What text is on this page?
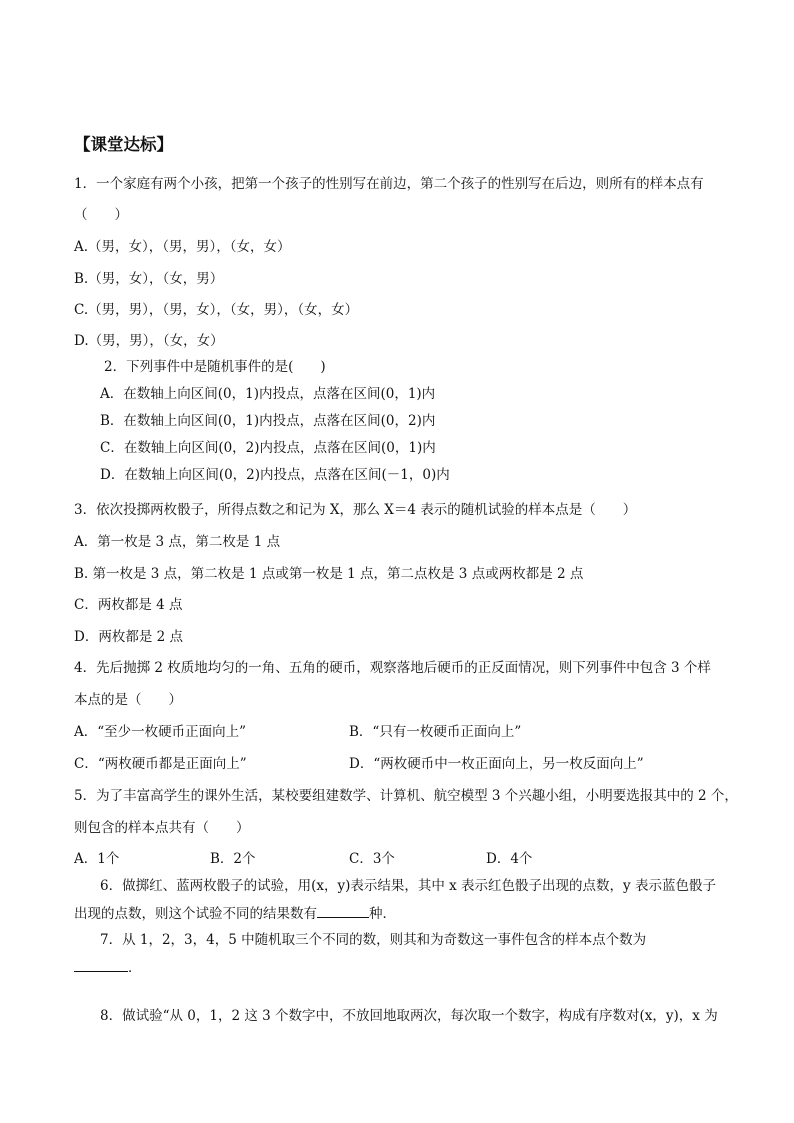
【课堂达标】
1．一个家庭有两个小孩，把第一个孩子的性别写在前边，第二个孩子的性别写在后边，则所有的样本点有
（　　）
A.（男，女），（男，男），（女，女）
B.（男，女），（女，男）
C.（男，男），（男，女），（女，男），（女，女）
D.（男，男），（女，女）
2．下列事件中是随机事件的是(　　)
A．在数轴上向区间(0，1)内投点，点落在区间(0，1)内
B．在数轴上向区间(0，1)内投点，点落在区间(0，2)内
C．在数轴上向区间(0，2)内投点，点落在区间(0，1)内
D．在数轴上向区间(0，2)内投点，点落在区间(－1，0)内
3．依次投掷两枚骰子，所得点数之和记为 X，那么 X＝4 表示的随机试验的样本点是（　　）
A．第一枚是 3 点，第二枚是 1 点
B. 第一枚是 3 点，第二枚是 1 点或第一枚是 1 点，第二点枚是 3 点或两枚都是 2 点
C．两枚都是 4 点
D．两枚都是 2 点
4．先后抛掷 2 枚质地均匀的一角、五角的硬币，观察落地后硬币的正反面情况，则下列事件中包含 3 个样
本点的是（　　）
A．“至少一枚硬币正面向上”	B．“只有一枚硬币正面向上”
C．“两枚硬币都是正面向上”	D．“两枚硬币中一枚正面向上，另一枚反面向上”
5．为了丰富高学生的课外生活，某校要组建数学、计算机、航空模型 3 个兴趣小组，小明要选报其中的 2 个，
则包含的样本点共有（　　）
A．1个	B．2个	C．3个	D．4个
6．做掷红、蓝两枚骰子的试验，用(x，y)表示结果，其中 x 表示红色骰子出现的点数，y 表示蓝色骰子
出现的点数，则这个试验不同的结果数有	种．
7．从 1，2，3，4，5 中随机取三个不同的数，则其和为奇数这一事件包含的样本点个数为
．
8．做试验“从 0，1，2 这 3 个数字中，不放回地取两次，每次取一个数字，构成有序数对(x，y)，x 为
